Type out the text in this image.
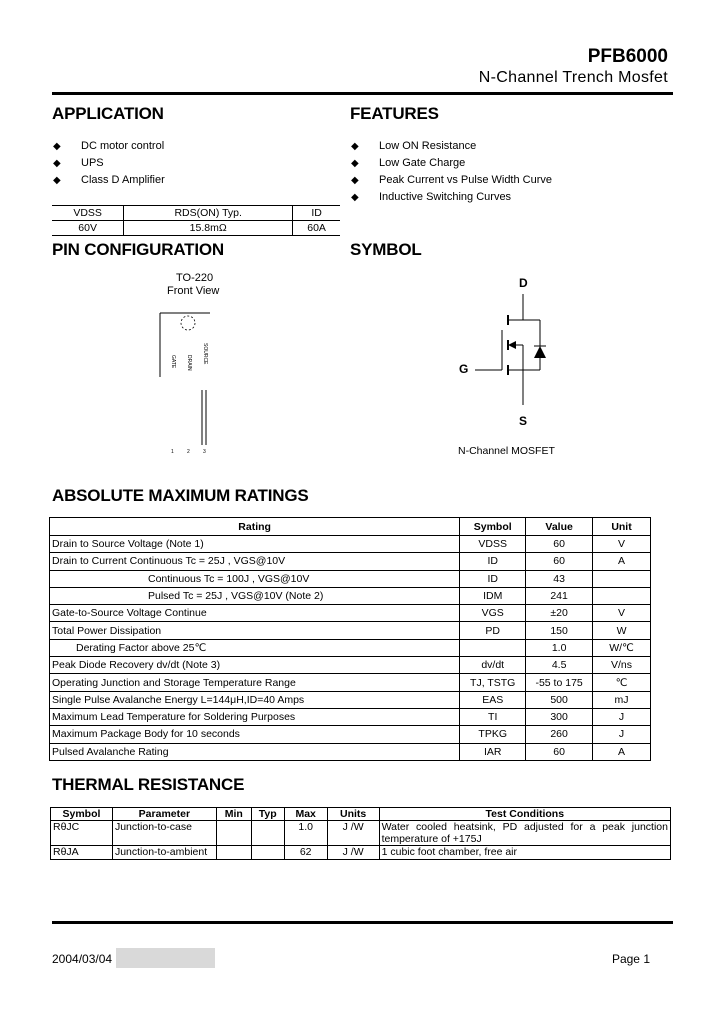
PFB6000
N-Channel Trench Mosfet
APPLICATION
◆ DC motor control
◆ UPS
◆ Class D Amplifier
FEATURES
◆ Low ON Resistance
◆ Low Gate Charge
◆ Peak Current vs Pulse Width Curve
◆ Inductive Switching Curves
VDSS	RDS(ON) Typ.	ID
60V	15.8mΩ	60A
PIN CONFIGURATION
TO-220
Front View
GATE DRAIN SOURCE
1	2	3
SYMBOL
D
G
S
N-Channel MOSFET
ABSOLUTE MAXIMUM RATINGS
Rating	Symbol	Value	Unit
Drain to Source Voltage (Note 1)	VDSS	60	V
Drain to Current Continuous Tc = 25J , VGS@10V	ID	60	A
Continuous Tc = 100J , VGS@10V	ID	43	
Pulsed Tc = 25J , VGS@10V (Note 2)	IDM	241	
Gate-to-Source Voltage Continue	VGS	±20	V
Total Power Dissipation	PD	150	W
Derating Factor above 25℃		1.0	W/℃
Peak Diode Recovery dv/dt (Note 3)	dv/dt	4.5	V/ns
Operating Junction and Storage Temperature Range	TJ, TSTG	-55 to 175	℃
Single Pulse Avalanche Energy L=144μH,ID=40 Amps	EAS	500	mJ
Maximum Lead Temperature for Soldering Purposes	TI	300	J
Maximum Package Body for 10 seconds	TPKG	260	J
Pulsed Avalanche Rating	IAR	60	A
THERMAL RESISTANCE
Symbol	Parameter	Min	Typ	Max	Units	Test Conditions
RθJC	Junction-to-case			1.0	J /W	Water cooled heatsink, PD adjusted for a peak junction temperature of +175J
RθJA	Junction-to-ambient			62	J /W	1 cubic foot chamber, free air
2004/03/04	Page 1
